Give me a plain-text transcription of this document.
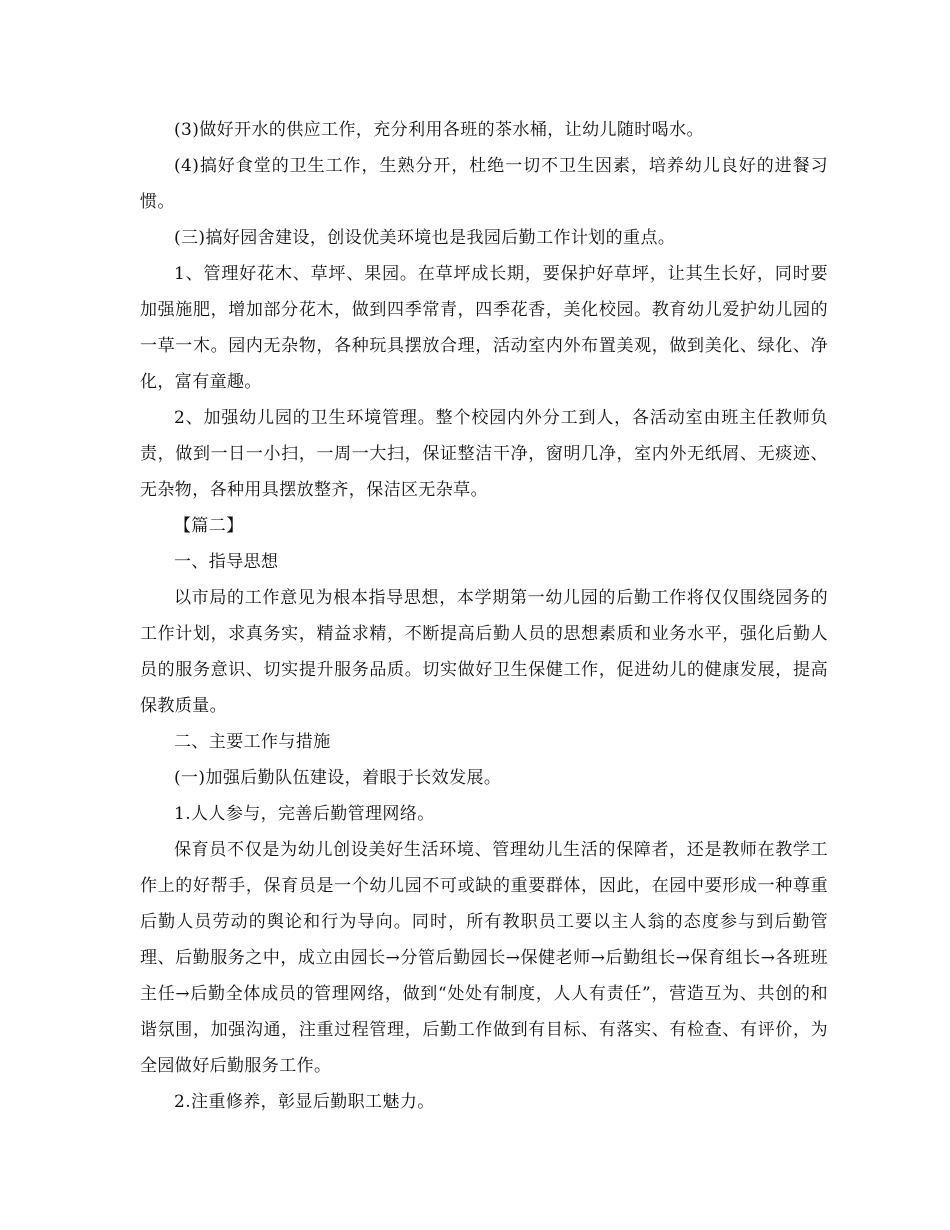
(3)做好开水的供应工作，充分利用各班的茶水桶，让幼儿随时喝水。

(4)搞好食堂的卫生工作，生熟分开，杜绝一切不卫生因素，培养幼儿良好的进餐习惯。

(三)搞好园舍建设，创设优美环境也是我园后勤工作计划的重点。

1、管理好花木、草坪、果园。在草坪成长期，要保护好草坪，让其生长好，同时要加强施肥，增加部分花木，做到四季常青，四季花香，美化校园。教育幼儿爱护幼儿园的一草一木。园内无杂物，各种玩具摆放合理，活动室内外布置美观，做到美化、绿化、净化，富有童趣。

2、加强幼儿园的卫生环境管理。整个校园内外分工到人，各活动室由班主任教师负责，做到一日一小扫，一周一大扫，保证整洁干净，窗明几净，室内外无纸屑、无痰迹、无杂物，各种用具摆放整齐，保洁区无杂草。

【篇二】

一、指导思想

以市局的工作意见为根本指导思想，本学期第一幼儿园的后勤工作将仅仅围绕园务的工作计划，求真务实，精益求精，不断提高后勤人员的思想素质和业务水平，强化后勤人员的服务意识、切实提升服务品质。切实做好卫生保健工作，促进幼儿的健康发展，提高保教质量。

二、主要工作与措施

(一)加强后勤队伍建设，着眼于长效发展。

1.人人参与，完善后勤管理网络。

保育员不仅是为幼儿创设美好生活环境、管理幼儿生活的保障者，还是教师在教学工作上的好帮手，保育员是一个幼儿园不可或缺的重要群体，因此，在园中要形成一种尊重后勤人员劳动的舆论和行为导向。同时，所有教职员工要以主人翁的态度参与到后勤管理、后勤服务之中，成立由园长→分管后勤园长→保健老师→后勤组长→保育组长→各班班主任→后勤全体成员的管理网络，做到“处处有制度，人人有责任”，营造互为、共创的和谐氛围，加强沟通，注重过程管理，后勤工作做到有目标、有落实、有检查、有评价，为全园做好后勤服务工作。

2.注重修养，彰显后勤职工魅力。
